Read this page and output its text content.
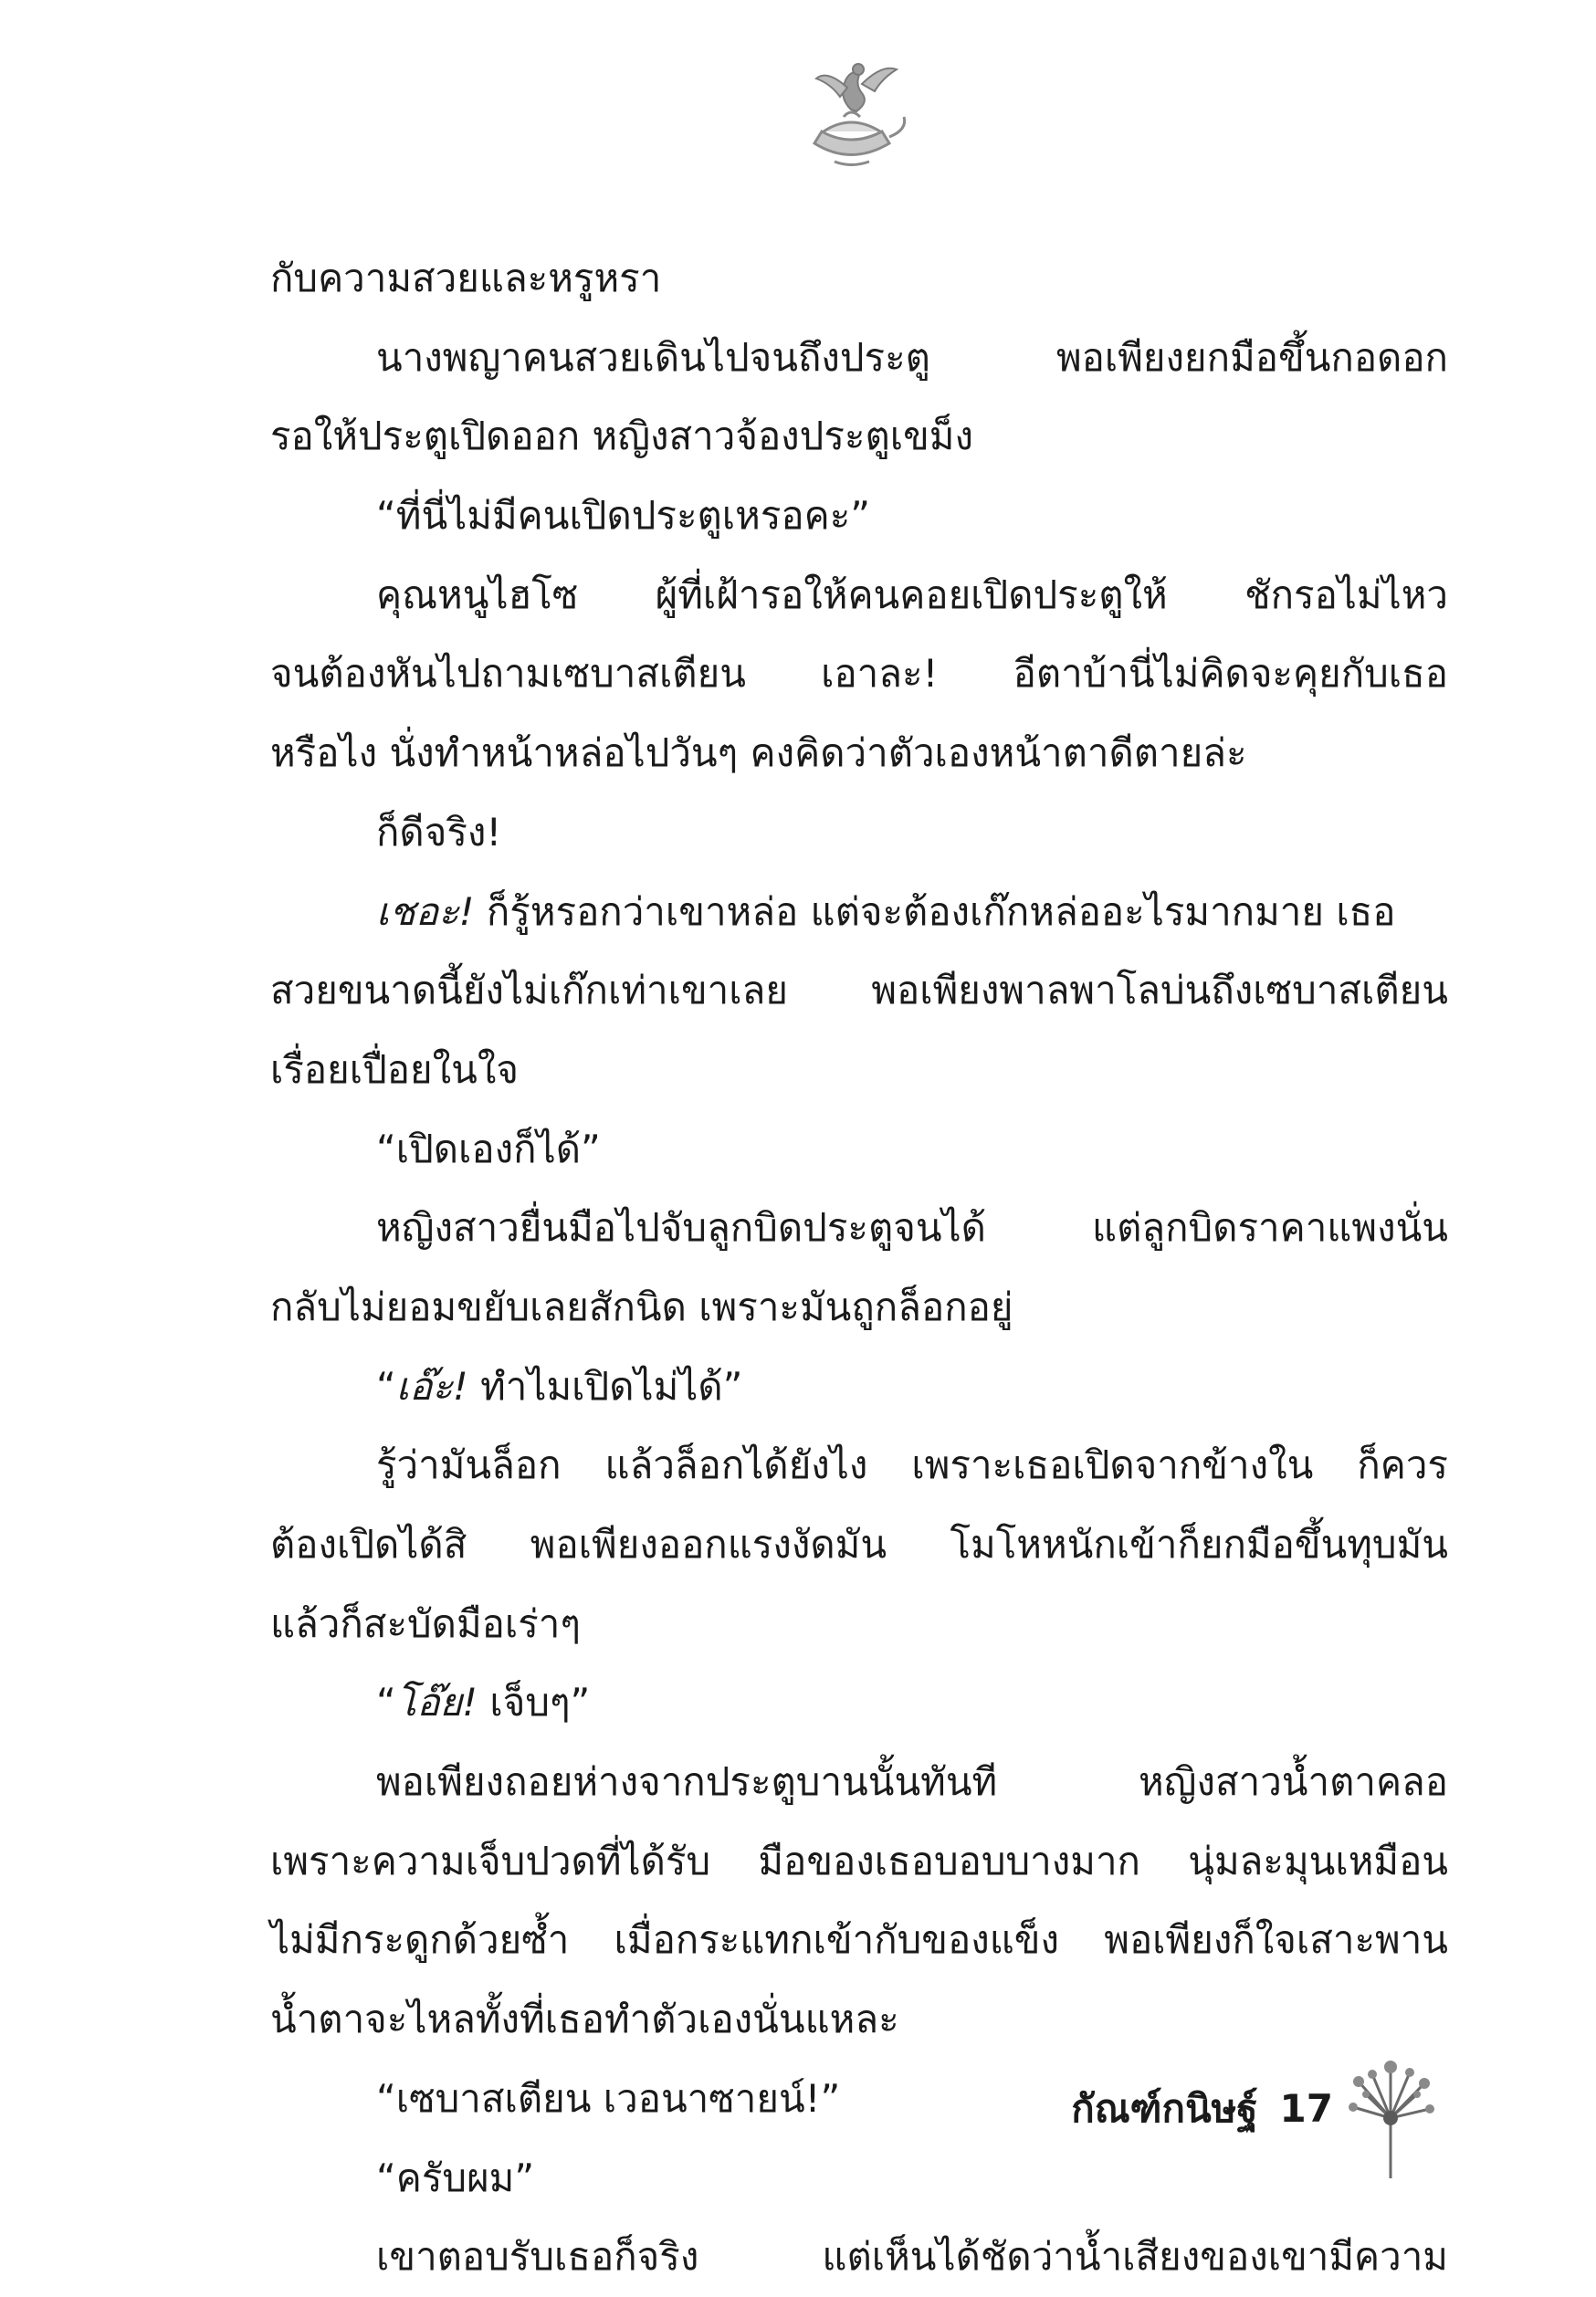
กับความสวยและหรูหรา
นางพญาคนสวยเดินไปจนถึงประตู พอเพียงยกมือขึ้นกอดอก
รอให้ประตูเปิดออก หญิงสาวจ้องประตูเขม็ง
“ที่นี่ไม่มีคนเปิดประตูเหรอคะ”
คุณหนูไฮโซ ผู้ที่เฝ้ารอให้คนคอยเปิดประตูให้ ชักรอไม่ไหว
จนต้องหันไปถามเซบาสเตียน เอาละ! อีตาบ้านี่ไม่คิดจะคุยกับเธอ
หรือไง นั่งทำหน้าหล่อไปวันๆ คงคิดว่าตัวเองหน้าตาดีตายล่ะ
ก็ดีจริง!
เชอะ! ก็รู้หรอกว่าเขาหล่อ แต่จะต้องเก๊กหล่ออะไรมากมาย เธอ
สวยขนาดนี้ยังไม่เก๊กเท่าเขาเลย พอเพียงพาลพาโลบ่นถึงเซบาสเตียน
เรื่อยเปื่อยในใจ
“เปิดเองก็ได้”
หญิงสาวยื่นมือไปจับลูกบิดประตูจนได้ แต่ลูกบิดราคาแพงนั่น
กลับไม่ยอมขยับเลยสักนิด เพราะมันถูกล็อกอยู่
“เอ๊ะ! ทำไมเปิดไม่ได้”
รู้ว่ามันล็อก แล้วล็อกได้ยังไง เพราะเธอเปิดจากข้างใน ก็ควร
ต้องเปิดได้สิ พอเพียงออกแรงงัดมัน โมโหหนักเข้าก็ยกมือขึ้นทุบมัน
แล้วก็สะบัดมือเร่าๆ
“โอ๊ย! เจ็บๆ”
พอเพียงถอยห่างจากประตูบานนั้นทันที หญิงสาวน้ำตาคลอ
เพราะความเจ็บปวดที่ได้รับ มือของเธอบอบบางมาก นุ่มละมุนเหมือน
ไม่มีกระดูกด้วยซ้ำ เมื่อกระแทกเข้ากับของแข็ง พอเพียงก็ใจเสาะพาน
น้ำตาจะไหลทั้งที่เธอทำตัวเองนั่นแหละ
“เซบาสเตียน เวอนาซายน์!”
“ครับผม”
เขาตอบรับเธอก็จริง แต่เห็นได้ชัดว่าน้ำเสียงของเขามีความ
กัณฑ์กนิษฐ์ 17
